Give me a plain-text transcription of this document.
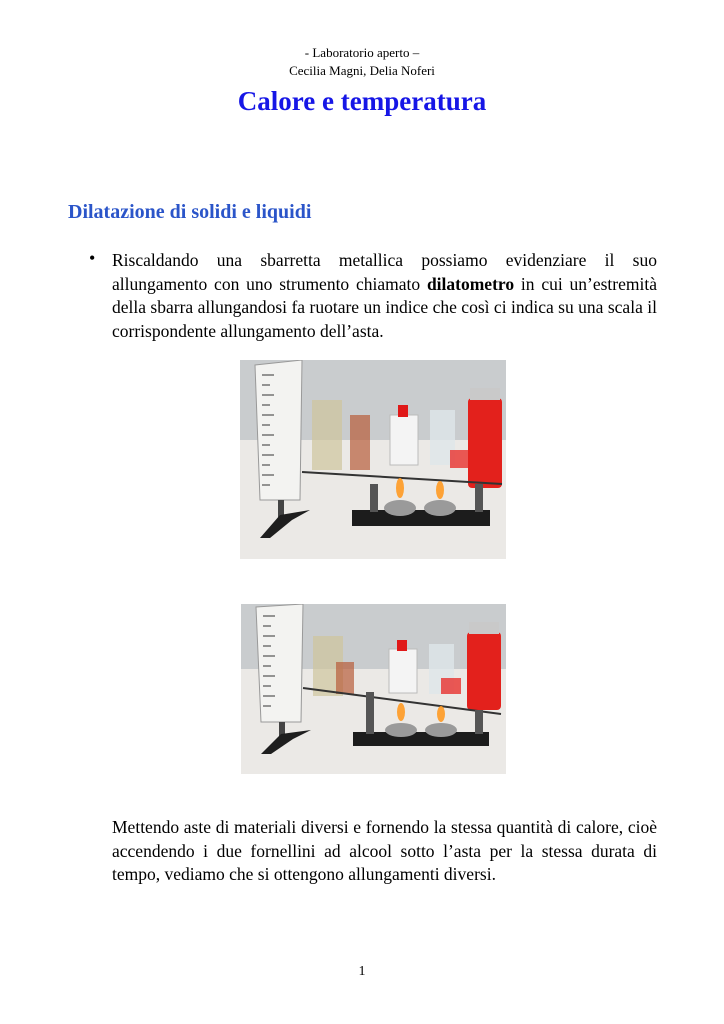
- Laboratorio aperto –
Cecilia Magni, Delia Noferi
Calore e temperatura
Dilatazione di solidi e liquidi
• Riscaldando una sbarretta metallica possiamo evidenziare il suo allungamento con uno strumento chiamato dilatometro in cui un’estremità della sbarra allungandosi fa ruotare un indice che così ci indica su una scala il corrispondente allungamento dell’asta.
Mettendo aste di materiali diversi e fornendo la stessa quantità di calore, cioè accendendo i due fornellini ad alcool sotto l’asta per la stessa durata di tempo, vediamo che si ottengono allungamenti diversi.
1
